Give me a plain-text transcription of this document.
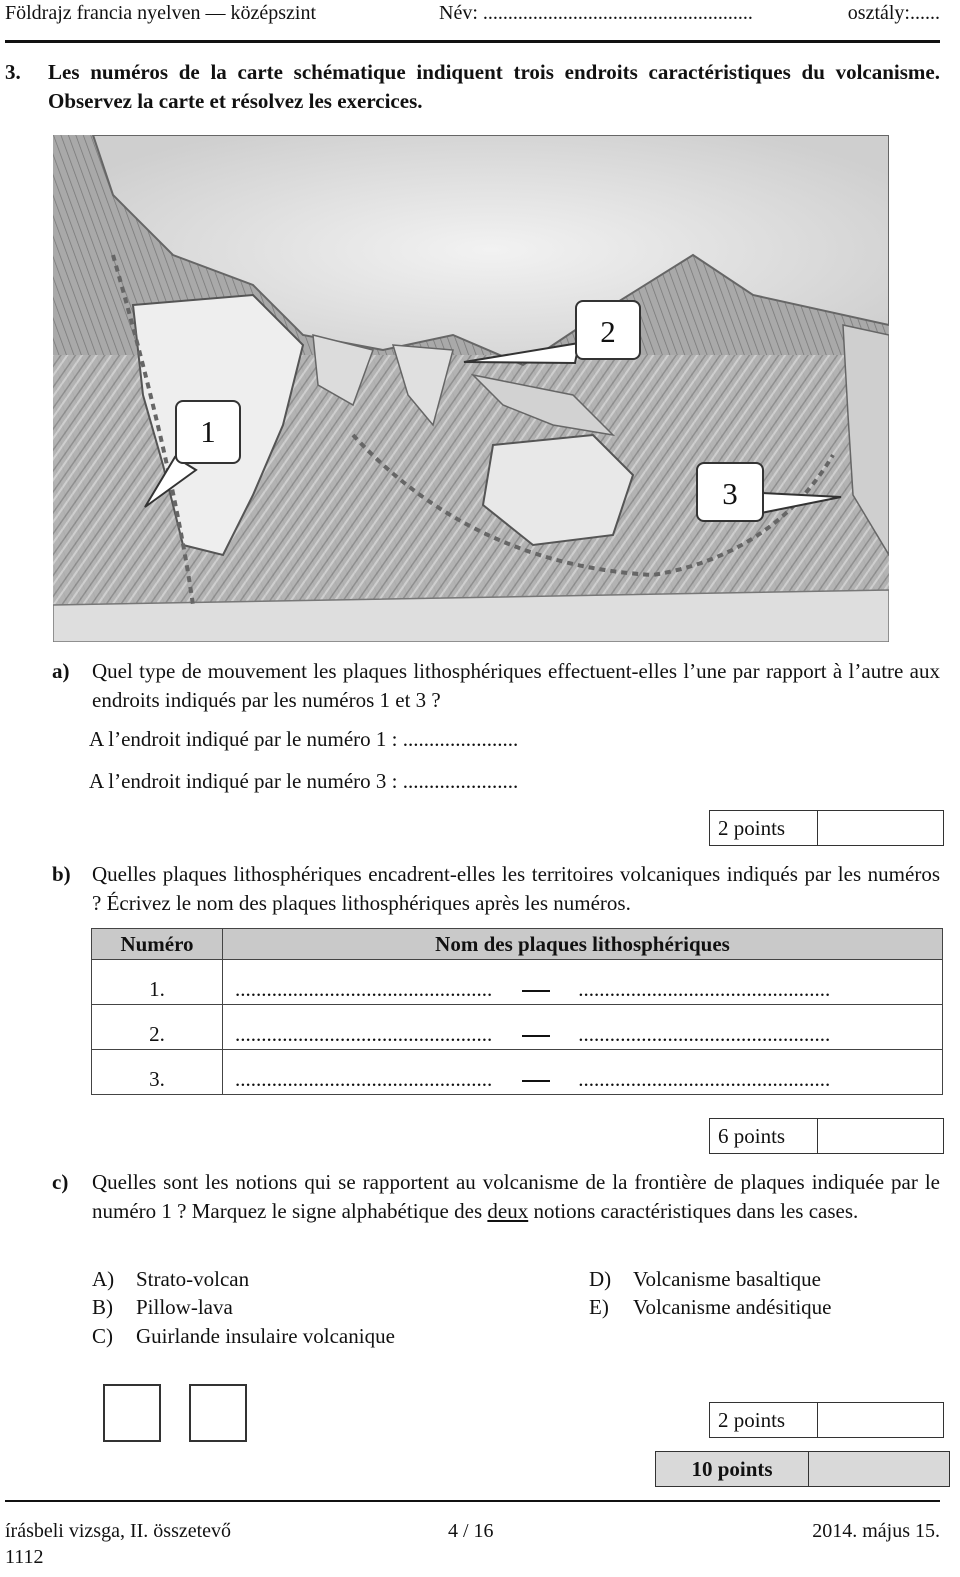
Földrajz francia nyelven — középszint	Név: ......................................................	osztály:......
3. Les numéros de la carte schématique indiquent trois endroits caractéristiques du volcanisme. Observez la carte et résolvez les exercices.
1
2
3
a) Quel type de mouvement les plaques lithosphériques effectuent-elles l’une par rapport à l’autre aux endroits indiqués par les numéros 1 et 3 ?
A l’endroit indiqué par le numéro 1 : ......................
A l’endroit indiqué par le numéro 3 : ......................
2 points
b) Quelles plaques lithosphériques encadrent-elles les territoires volcaniques indiqués par les numéros ? Écrivez le nom des plaques lithosphériques après les numéros.
Numéro	Nom des plaques lithosphériques
1.	................................................. ................................................
2.	................................................. ................................................
3.	................................................. ................................................
6 points
c) Quelles sont les notions qui se rapportent au volcanisme de la frontière de plaques indiquée par le numéro 1 ? Marquez le signe alphabétique des deux notions caractéristiques dans les cases.
A) Strato-volcan
B) Pillow-lava
C) Guirlande insulaire volcanique
D) Volcanisme basaltique
E) Volcanisme andésitique
2 points
10 points
írásbeli vizsga, II. összetevő
1112
4 / 16	2014. május 15.
